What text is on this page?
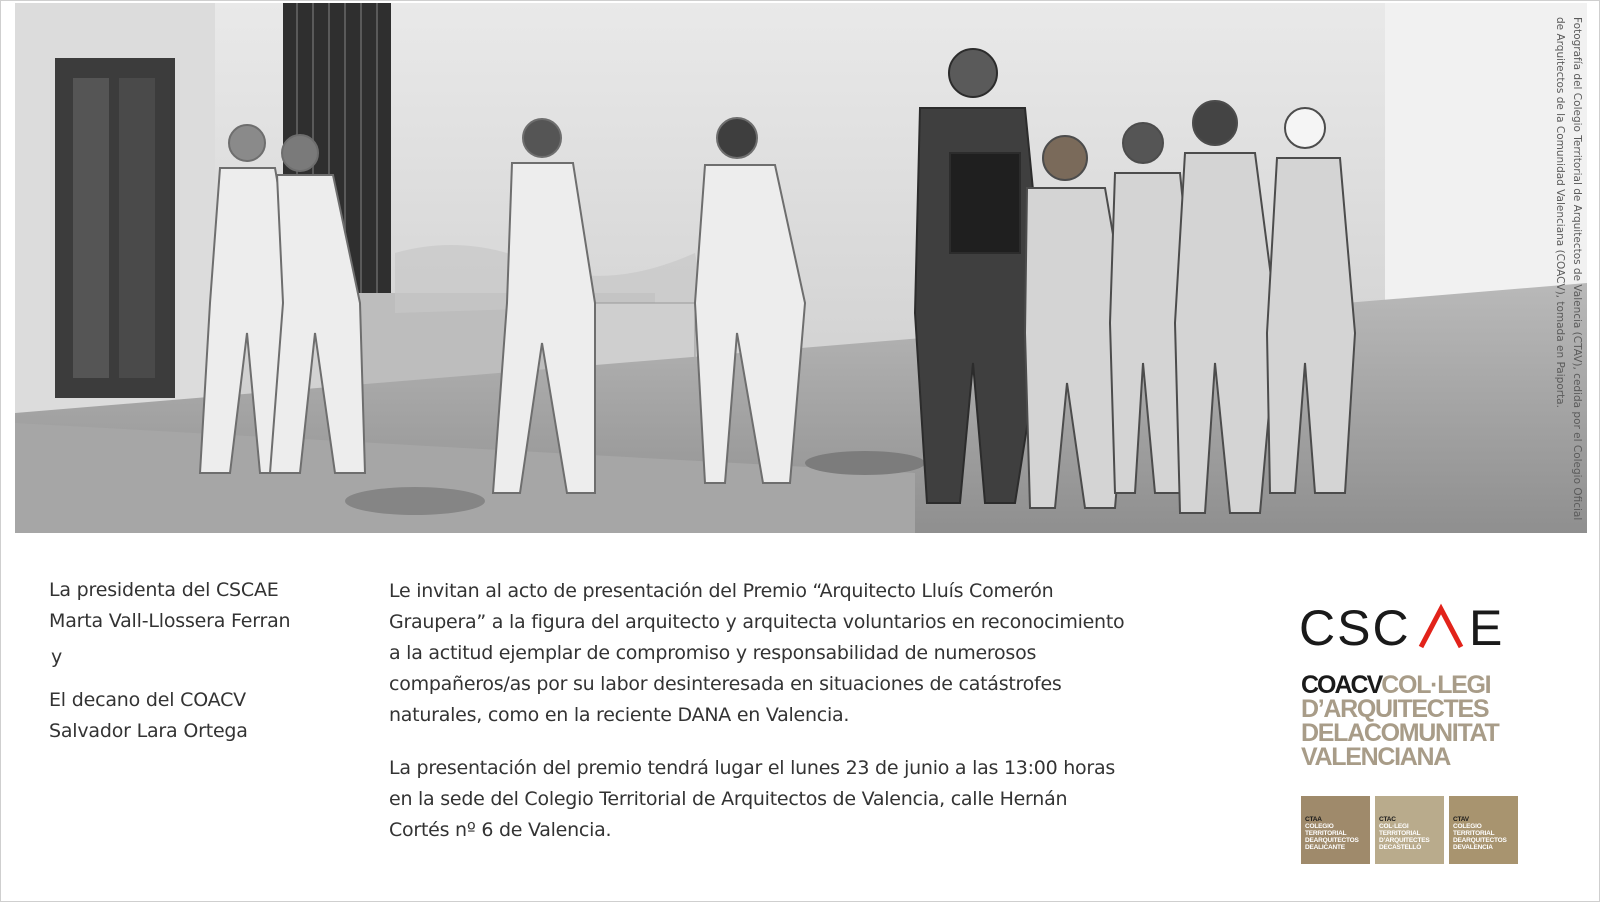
Fotografía del Colegio Territorial de Arquitectos de Valencia (CTAV), cedida por el Colegio Oficial de Arquitectos de la Comunidad Valenciana (COACV), tomada en Paiporta.
La presidenta del CSCAE
Marta Vall-Llossera Ferran
y
El decano del COACV
Salvador Lara Ortega

Le invitan al acto de presentación del Premio “Arquitecto Lluís Comerón
Graupera” a la figura del arquitecto y arquitecta voluntarios en reconocimiento
a la actitud ejemplar de compromiso y responsabilidad de numerosos
compañeros/as por su labor desinteresada en situaciones de catástrofes
naturales, como en la reciente DANA en Valencia.

La presentación del premio tendrá lugar el lunes 23 de junio a las 13:00 horas
en la sede del Colegio Territorial de Arquitectos de Valencia, calle Hernán
Cortés nº 6 de Valencia.

CSC E
COACVCOL·LEGI
D’ARQUITECTES
DELACOMUNITAT
VALENCIANA
CTAA
COLEGIO
TERRITORIAL
DEARQUITECTOS
DEALICANTE
CTAC
COL·LEGI
TERRITORIAL
D’ARQUITECTES
DECASTELLÓ
CTAV
COLEGIO
TERRITORIAL
DEARQUITECTOS
DEVALENCIA
